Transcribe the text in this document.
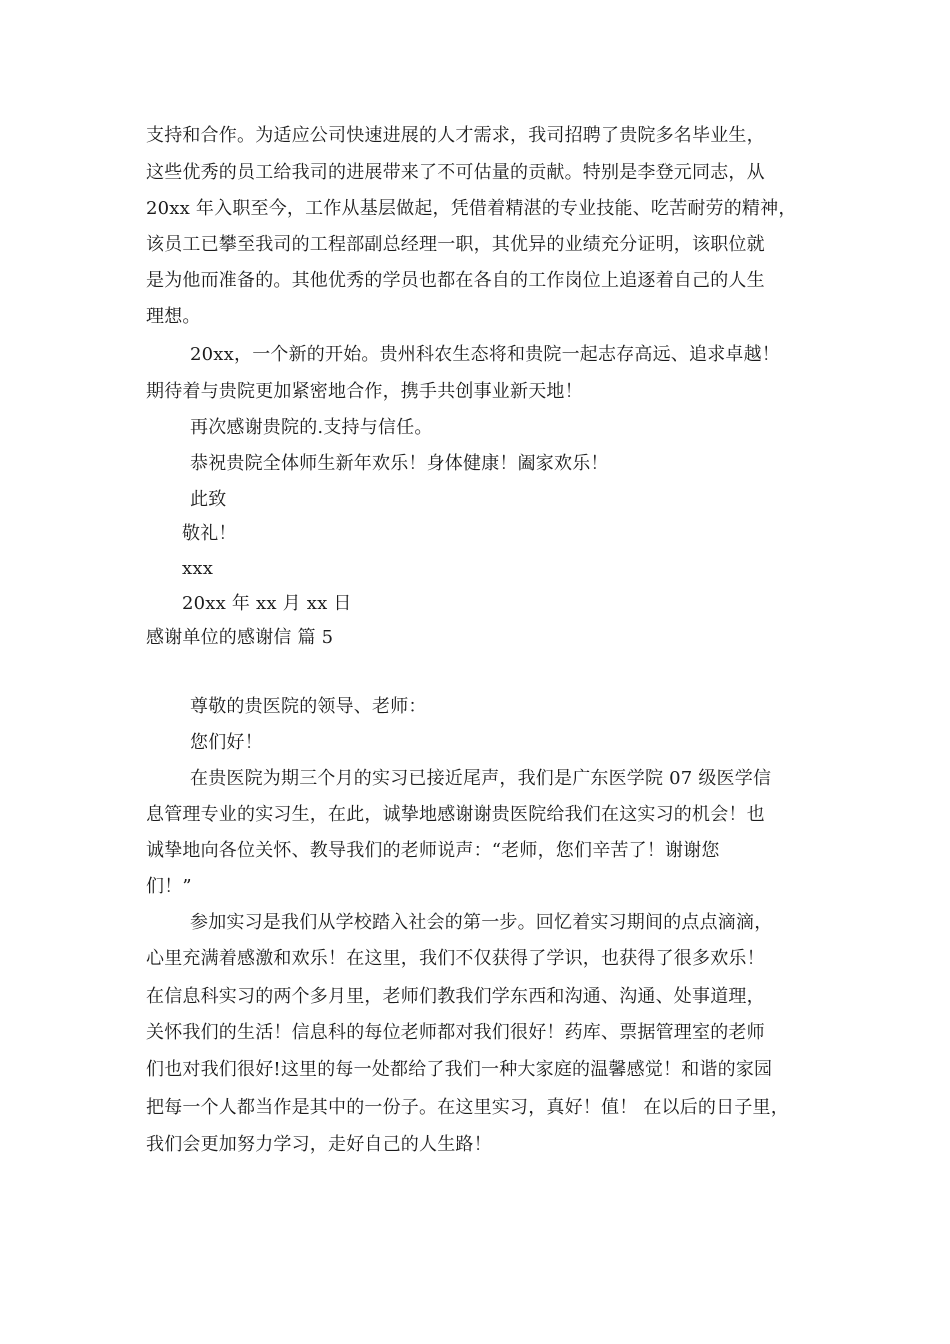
支持和合作。为适应公司快速进展的人才需求，我司招聘了贵院多名毕业生，
这些优秀的员工给我司的进展带来了不可估量的贡献。特别是李登元同志，从
20xx 年入职至今，工作从基层做起，凭借着精湛的专业技能、吃苦耐劳的精神，
该员工已攀至我司的工程部副总经理一职，其优异的业绩充分证明，该职位就
是为他而准备的。其他优秀的学员也都在各自的工作岗位上追逐着自己的人生
理想。
20xx，一个新的开始。贵州科农生态将和贵院一起志存高远、追求卓越！
期待着与贵院更加紧密地合作，携手共创事业新天地！
再次感谢贵院的.支持与信任。
恭祝贵院全体师生新年欢乐！身体健康！阖家欢乐！
此致
敬礼！
xxx
20xx 年 xx 月 xx 日
感谢单位的感谢信 篇 5
尊敬的贵医院的领导、老师：
您们好！
在贵医院为期三个月的实习已接近尾声，我们是广东医学院 07 级医学信
息管理专业的实习生，在此，诚挚地感谢谢贵医院给我们在这实习的机会！也
诚挚地向各位关怀、教导我们的老师说声：“老师，您们辛苦了！谢谢您
们！”
参加实习是我们从学校踏入社会的第一步。回忆着实习期间的点点滴滴，
心里充满着感激和欢乐！在这里，我们不仅获得了学识，也获得了很多欢乐！
在信息科实习的两个多月里，老师们教我们学东西和沟通、沟通、处事道理，
关怀我们的生活！信息科的每位老师都对我们很好！药库、票据管理室的老师
们也对我们很好!这里的每一处都给了我们一种大家庭的温馨感觉！和谐的家园
把每一个人都当作是其中的一份子。在这里实习，真好！值！ 在以后的日子里，
我们会更加努力学习，走好自己的人生路！
